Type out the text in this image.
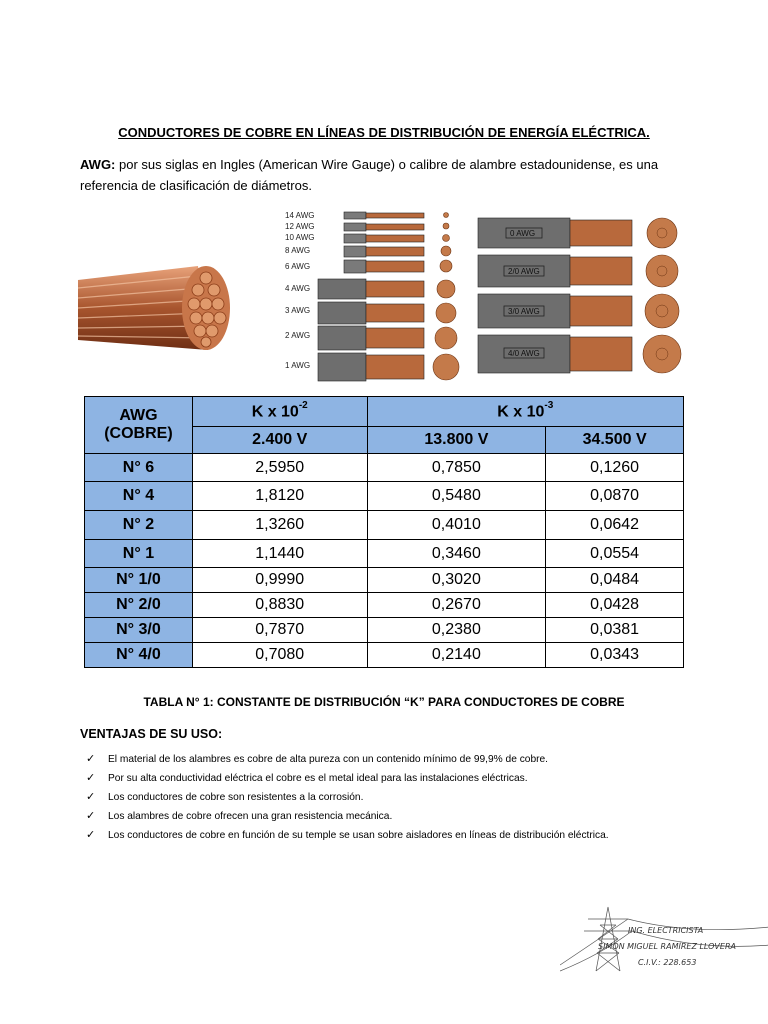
CONDUCTORES DE COBRE EN LÍNEAS DE DISTRIBUCIÓN DE ENERGÍA ELÉCTRICA.
AWG: por sus siglas en Ingles (American Wire Gauge) o calibre de alambre estadounidense, es una referencia de clasificación de diámetros.
14 AWG
12 AWG
10 AWG
8 AWG
6 AWG
4 AWG
3 AWG
2 AWG
1 AWG
0 AWG
2/0 AWG
3/0 AWG
4/0 AWG
AWG
(COBRE)	K x $10^{-2}$	K x $10^{-3}$
	2.400 V	13.800 V	34.500 V
N° 6	2,5950	0,7850	0,1260
N° 4	1,8120	0,5480	0,0870
N° 2	1,3260	0,4010	0,0642
N° 1	1,1440	0,3460	0,0554
N° 1/0	0,9990	0,3020	0,0484
N° 2/0	0,8830	0,2670	0,0428
N° 3/0	0,7870	0,2380	0,0381
N° 4/0	0,7080	0,2140	0,0343
TABLA N° 1: CONSTANTE DE DISTRIBUCIÓN “K” PARA CONDUCTORES DE COBRE
VENTAJAS DE SU USO:
✓ El material de los alambres es cobre de alta pureza con un contenido mínimo de 99,9% de cobre.
✓ Por su alta conductividad eléctrica el cobre es el metal ideal para las instalaciones eléctricas.
✓ Los conductores de cobre son resistentes a la corrosión.
✓ Los alambres de cobre ofrecen una gran resistencia mecánica.
✓ Los conductores de cobre en función de su temple se usan sobre aisladores en líneas de distribución eléctrica.
ING. ELECTRICISTA
SIMÓN MIGUEL RAMÍREZ LLOVERA
C.I.V.: 228.653
